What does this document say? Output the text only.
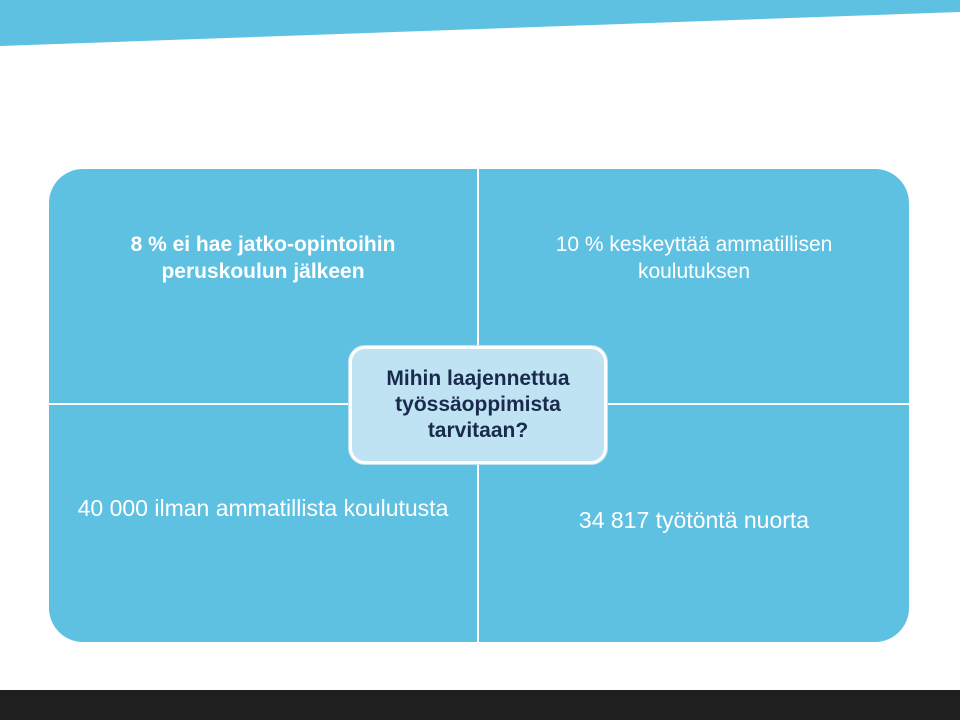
8 % ei hae jatko-opintoihin peruskoulun jälkeen
10 % keskeyttää ammatillisen koulutuksen
40 000 ilman ammatillista koulutusta	34 817 työtöntä nuorta
Mihin laajennettua työssäoppimista tarvitaan?
